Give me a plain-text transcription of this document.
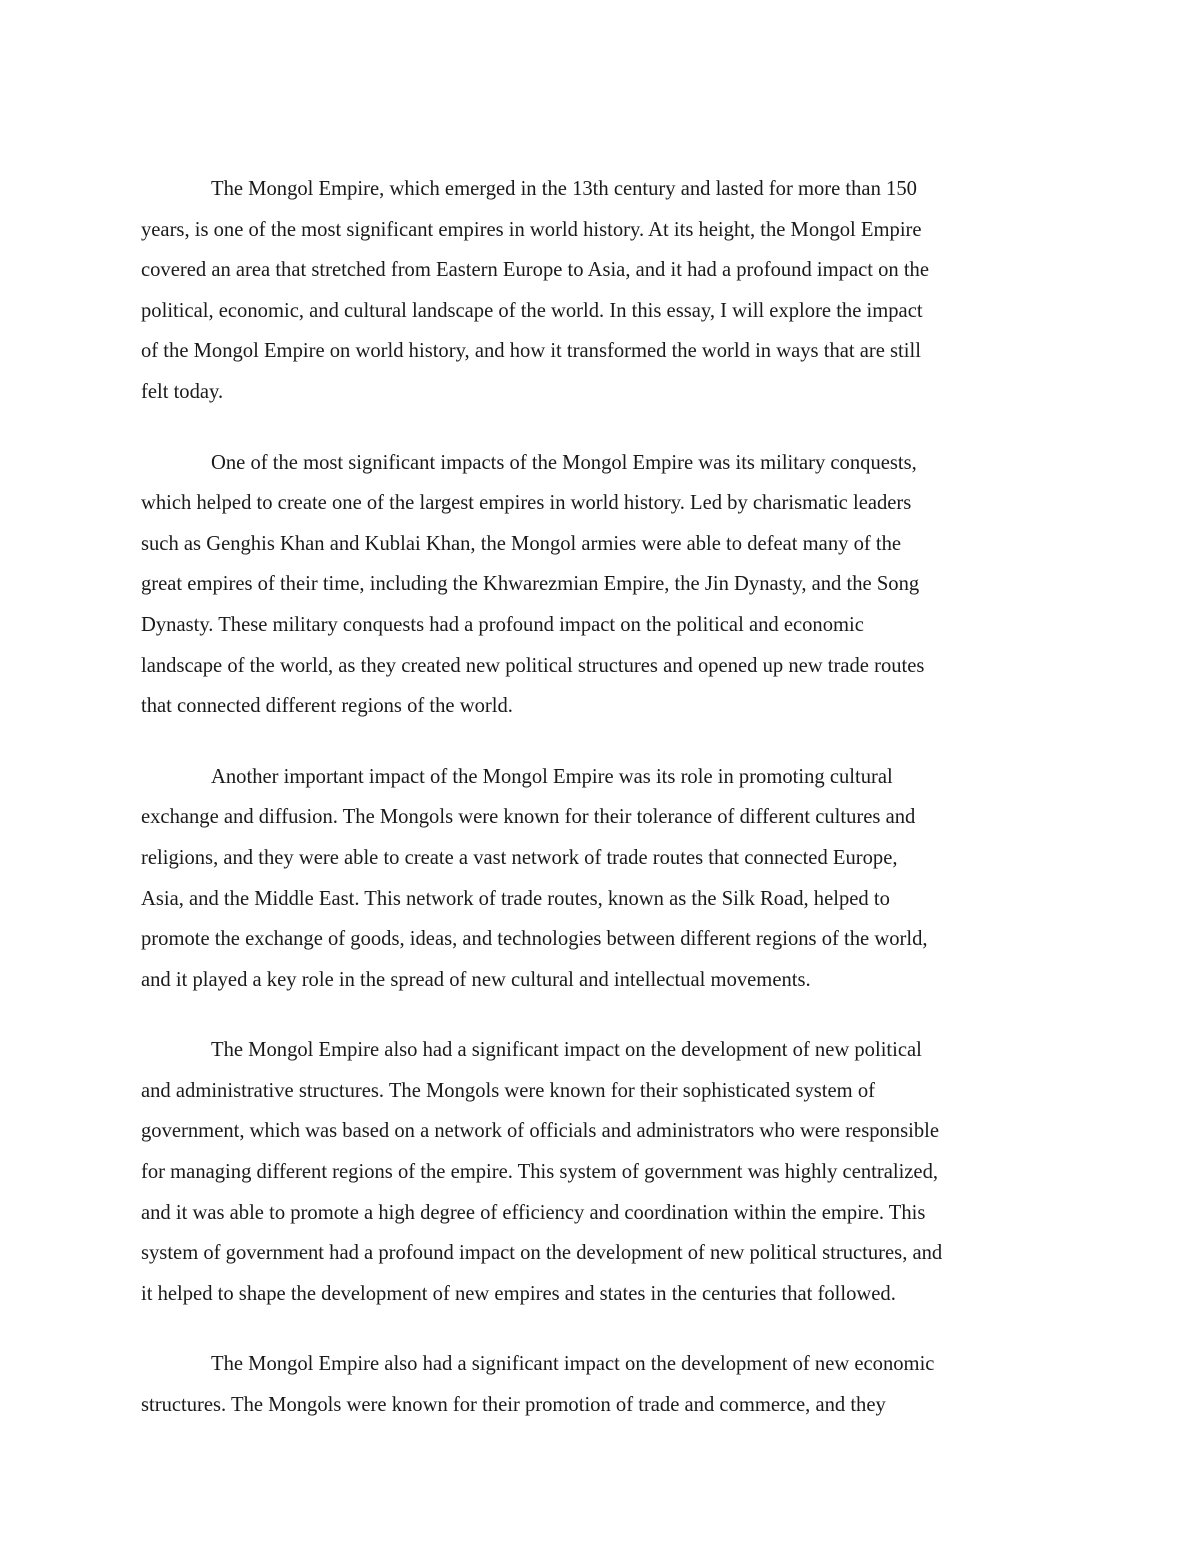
The Mongol Empire, which emerged in the 13th century and lasted for more than 150
years, is one of the most significant empires in world history. At its height, the Mongol Empire
covered an area that stretched from Eastern Europe to Asia, and it had a profound impact on the
political, economic, and cultural landscape of the world. In this essay, I will explore the impact
of the Mongol Empire on world history, and how it transformed the world in ways that are still
felt today.
One of the most significant impacts of the Mongol Empire was its military conquests,
which helped to create one of the largest empires in world history. Led by charismatic leaders
such as Genghis Khan and Kublai Khan, the Mongol armies were able to defeat many of the
great empires of their time, including the Khwarezmian Empire, the Jin Dynasty, and the Song
Dynasty. These military conquests had a profound impact on the political and economic
landscape of the world, as they created new political structures and opened up new trade routes
that connected different regions of the world.
Another important impact of the Mongol Empire was its role in promoting cultural
exchange and diffusion. The Mongols were known for their tolerance of different cultures and
religions, and they were able to create a vast network of trade routes that connected Europe,
Asia, and the Middle East. This network of trade routes, known as the Silk Road, helped to
promote the exchange of goods, ideas, and technologies between different regions of the world,
and it played a key role in the spread of new cultural and intellectual movements.
The Mongol Empire also had a significant impact on the development of new political
and administrative structures. The Mongols were known for their sophisticated system of
government, which was based on a network of officials and administrators who were responsible
for managing different regions of the empire. This system of government was highly centralized,
and it was able to promote a high degree of efficiency and coordination within the empire. This
system of government had a profound impact on the development of new political structures, and
it helped to shape the development of new empires and states in the centuries that followed.
The Mongol Empire also had a significant impact on the development of new economic
structures. The Mongols were known for their promotion of trade and commerce, and they
